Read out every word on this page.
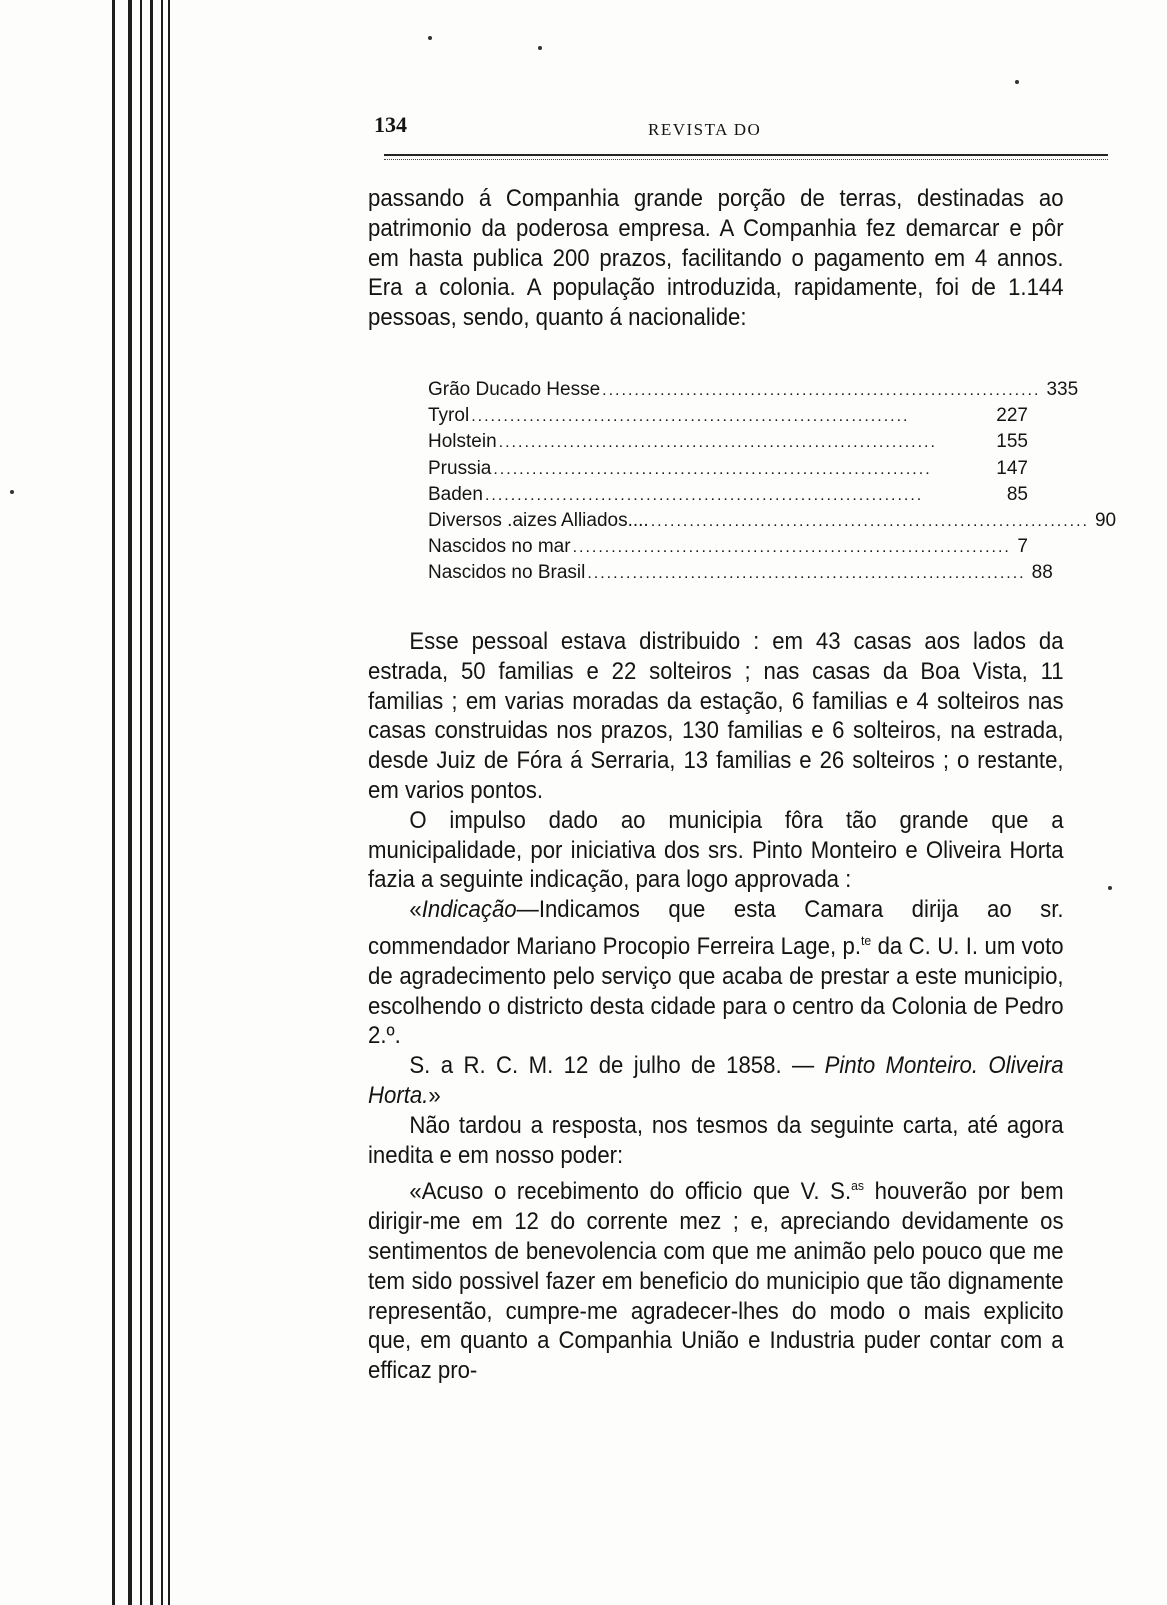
134	REVISTA DO

passando á Companhia grande porção de terras, destinadas ao patrimonio da poderosa empresa. A Companhia fez demarcar e pôr em hasta publica 200 prazos, facilitando o pagamento em 4 annos. Era a colonia. A população introduzida, rapidamente, foi de 1.144 pessoas, sendo, quanto á nacionalide:

Grão Ducado Hesse .................................................................... 335
Tyrol ....................................................................	227
Holstein ....................................................................	155
Prussia ....................................................................	147
Baden ....................................................................	85
Diversos .aizes Alliados.... .................................................................... 90
Nascidos no mar .................................................................... 7
Nascidos no Brasil .................................................................... 88

Esse pessoal estava distribuido : em 43 casas aos lados da estrada, 50 familias e 22 solteiros ; nas casas da Boa Vista, 11 familias ; em varias moradas da estação, 6 familias e 4 solteiros nas casas construidas nos prazos, 130 familias e 6 solteiros, na estrada, desde Juiz de Fóra á Serraria, 13 familias e 26 solteiros ; o restante, em varios pontos.

O impulso dado ao municipia fôra tão grande que a municipalidade, por iniciativa dos srs. Pinto Monteiro e Oliveira Horta fazia a seguinte indicação, para logo approvada :

«Indicação—Indicamos que esta Camara dirija ao sr. commendador Mariano Procopio Ferreira Lage, p.$^{te}$ da C. U. I. um voto de agradecimento pelo serviço que acaba de prestar a este municipio, escolhendo o districto desta cidade para o centro da Colonia de Pedro 2.º.

S. a R. C. M. 12 de julho de 1858. — Pinto Monteiro. Oliveira Horta.»

Não tardou a resposta, nos tesmos da seguinte carta, até agora inedita e em nosso poder:

«Acuso o recebimento do officio que V. S.$^{as}$ houverão por bem dirigir-me em 12 do corrente mez ; e, apreciando devidamente os sentimentos de benevolencia com que me animão pelo pouco que me tem sido possivel fazer em beneficio do municipio que tão dignamente representão, cumpre-me agradecer-lhes do modo o mais explicito que, em quanto a Companhia União e Industria puder contar com a efficaz pro-
